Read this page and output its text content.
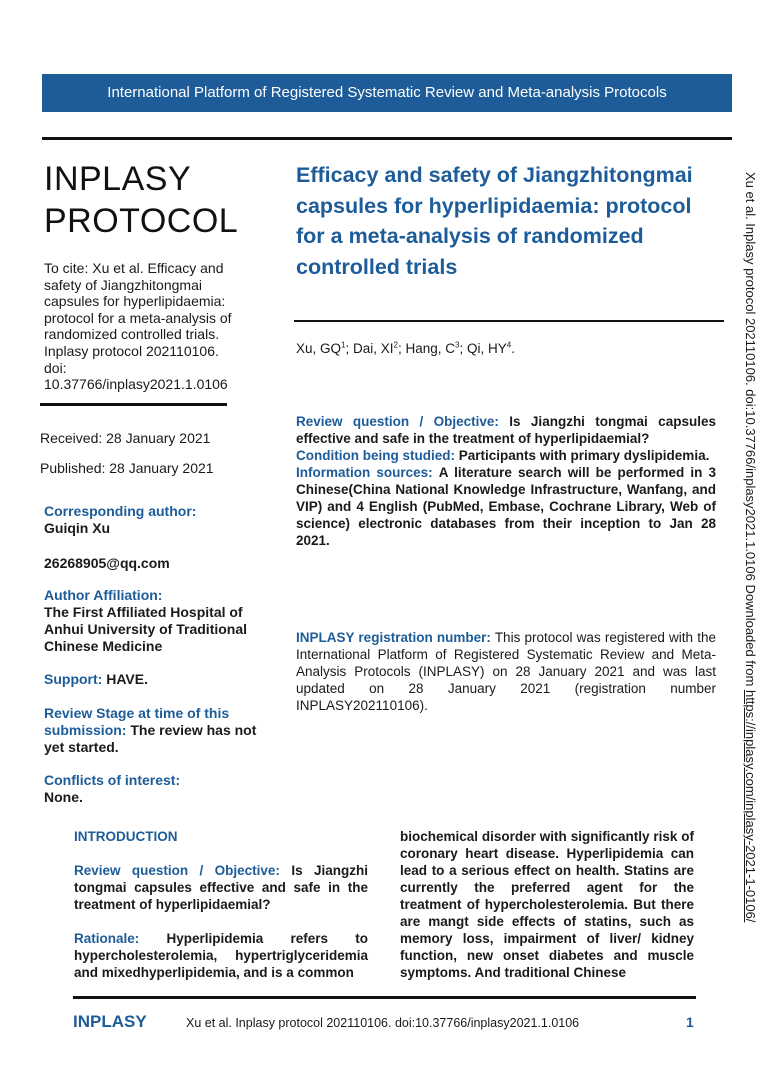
International Platform of Registered Systematic Review and Meta-analysis Protocols
INPLASY
PROTOCOL
To cite: Xu et al. Efficacy and safety of Jiangzhitongmai capsules for hyperlipidaemia: protocol for a meta-analysis of randomized controlled trials. Inplasy protocol 202110106. doi: 10.37766/inplasy2021.1.0106
Received: 28 January 2021
Published: 28 January 2021
Corresponding author:
Guiqin Xu
26268905@qq.com
Author Affiliation:
The First Affiliated Hospital of Anhui University of Traditional Chinese Medicine
Support: HAVE.
Review Stage at time of this submission: The review has not yet started.
Conflicts of interest:
None.
Efficacy and safety of Jiangzhitongmai capsules for hyperlipidaemia: protocol for a meta-analysis of randomized controlled trials
Xu, $GQ^1$; Dai, $XI^2$; Hang, $C^3$; Qi, $HY^4$.

Review question / Objective: Is Jiangzhi tongmai capsules effective and safe in the treatment of hyperlipidaemial?

Condition being studied: Participants with primary dyslipidemia.

Information sources: A literature search will be performed in 3 Chinese(China National Knowledge Infrastructure, Wanfang, and VIP) and 4 English (PubMed, Embase, Cochrane Library, Web of science) electronic databases from their inception to Jan 28 2021.

INPLASY registration number: This protocol was registered with the International Platform of Registered Systematic Review and Meta-Analysis Protocols (INPLASY) on 28 January 2021 and was last updated on 28 January 2021 (registration number INPLASY202110106).

INTRODUCTION

Review question / Objective: Is Jiangzhi tongmai capsules effective and safe in the treatment of hyperlipidaemial?

Rationale: Hyperlipidemia refers to hypercholesterolemia, hypertriglyceridemia and mixedhyperlipidemia, and is a common

biochemical disorder with significantly risk of coronary heart disease. Hyperlipidemia can lead to a serious effect on health. Statins are currently the preferred agent for the treatment of hypercholesterolemia. But there are mangt side effects of statins, such as memory loss, impairment of liver/ kidney function, new onset diabetes and muscle symptoms. And traditional Chinese
Xu et al. Inplasy protocol 202110106. doi:10.37766/inplasy2021.1.0106 Downloaded from https://inplasy.com/inplasy-2021-1-0106/
INPLASY	Xu et al. Inplasy protocol 202110106. doi:10.37766/inplasy2021.1.0106	1
